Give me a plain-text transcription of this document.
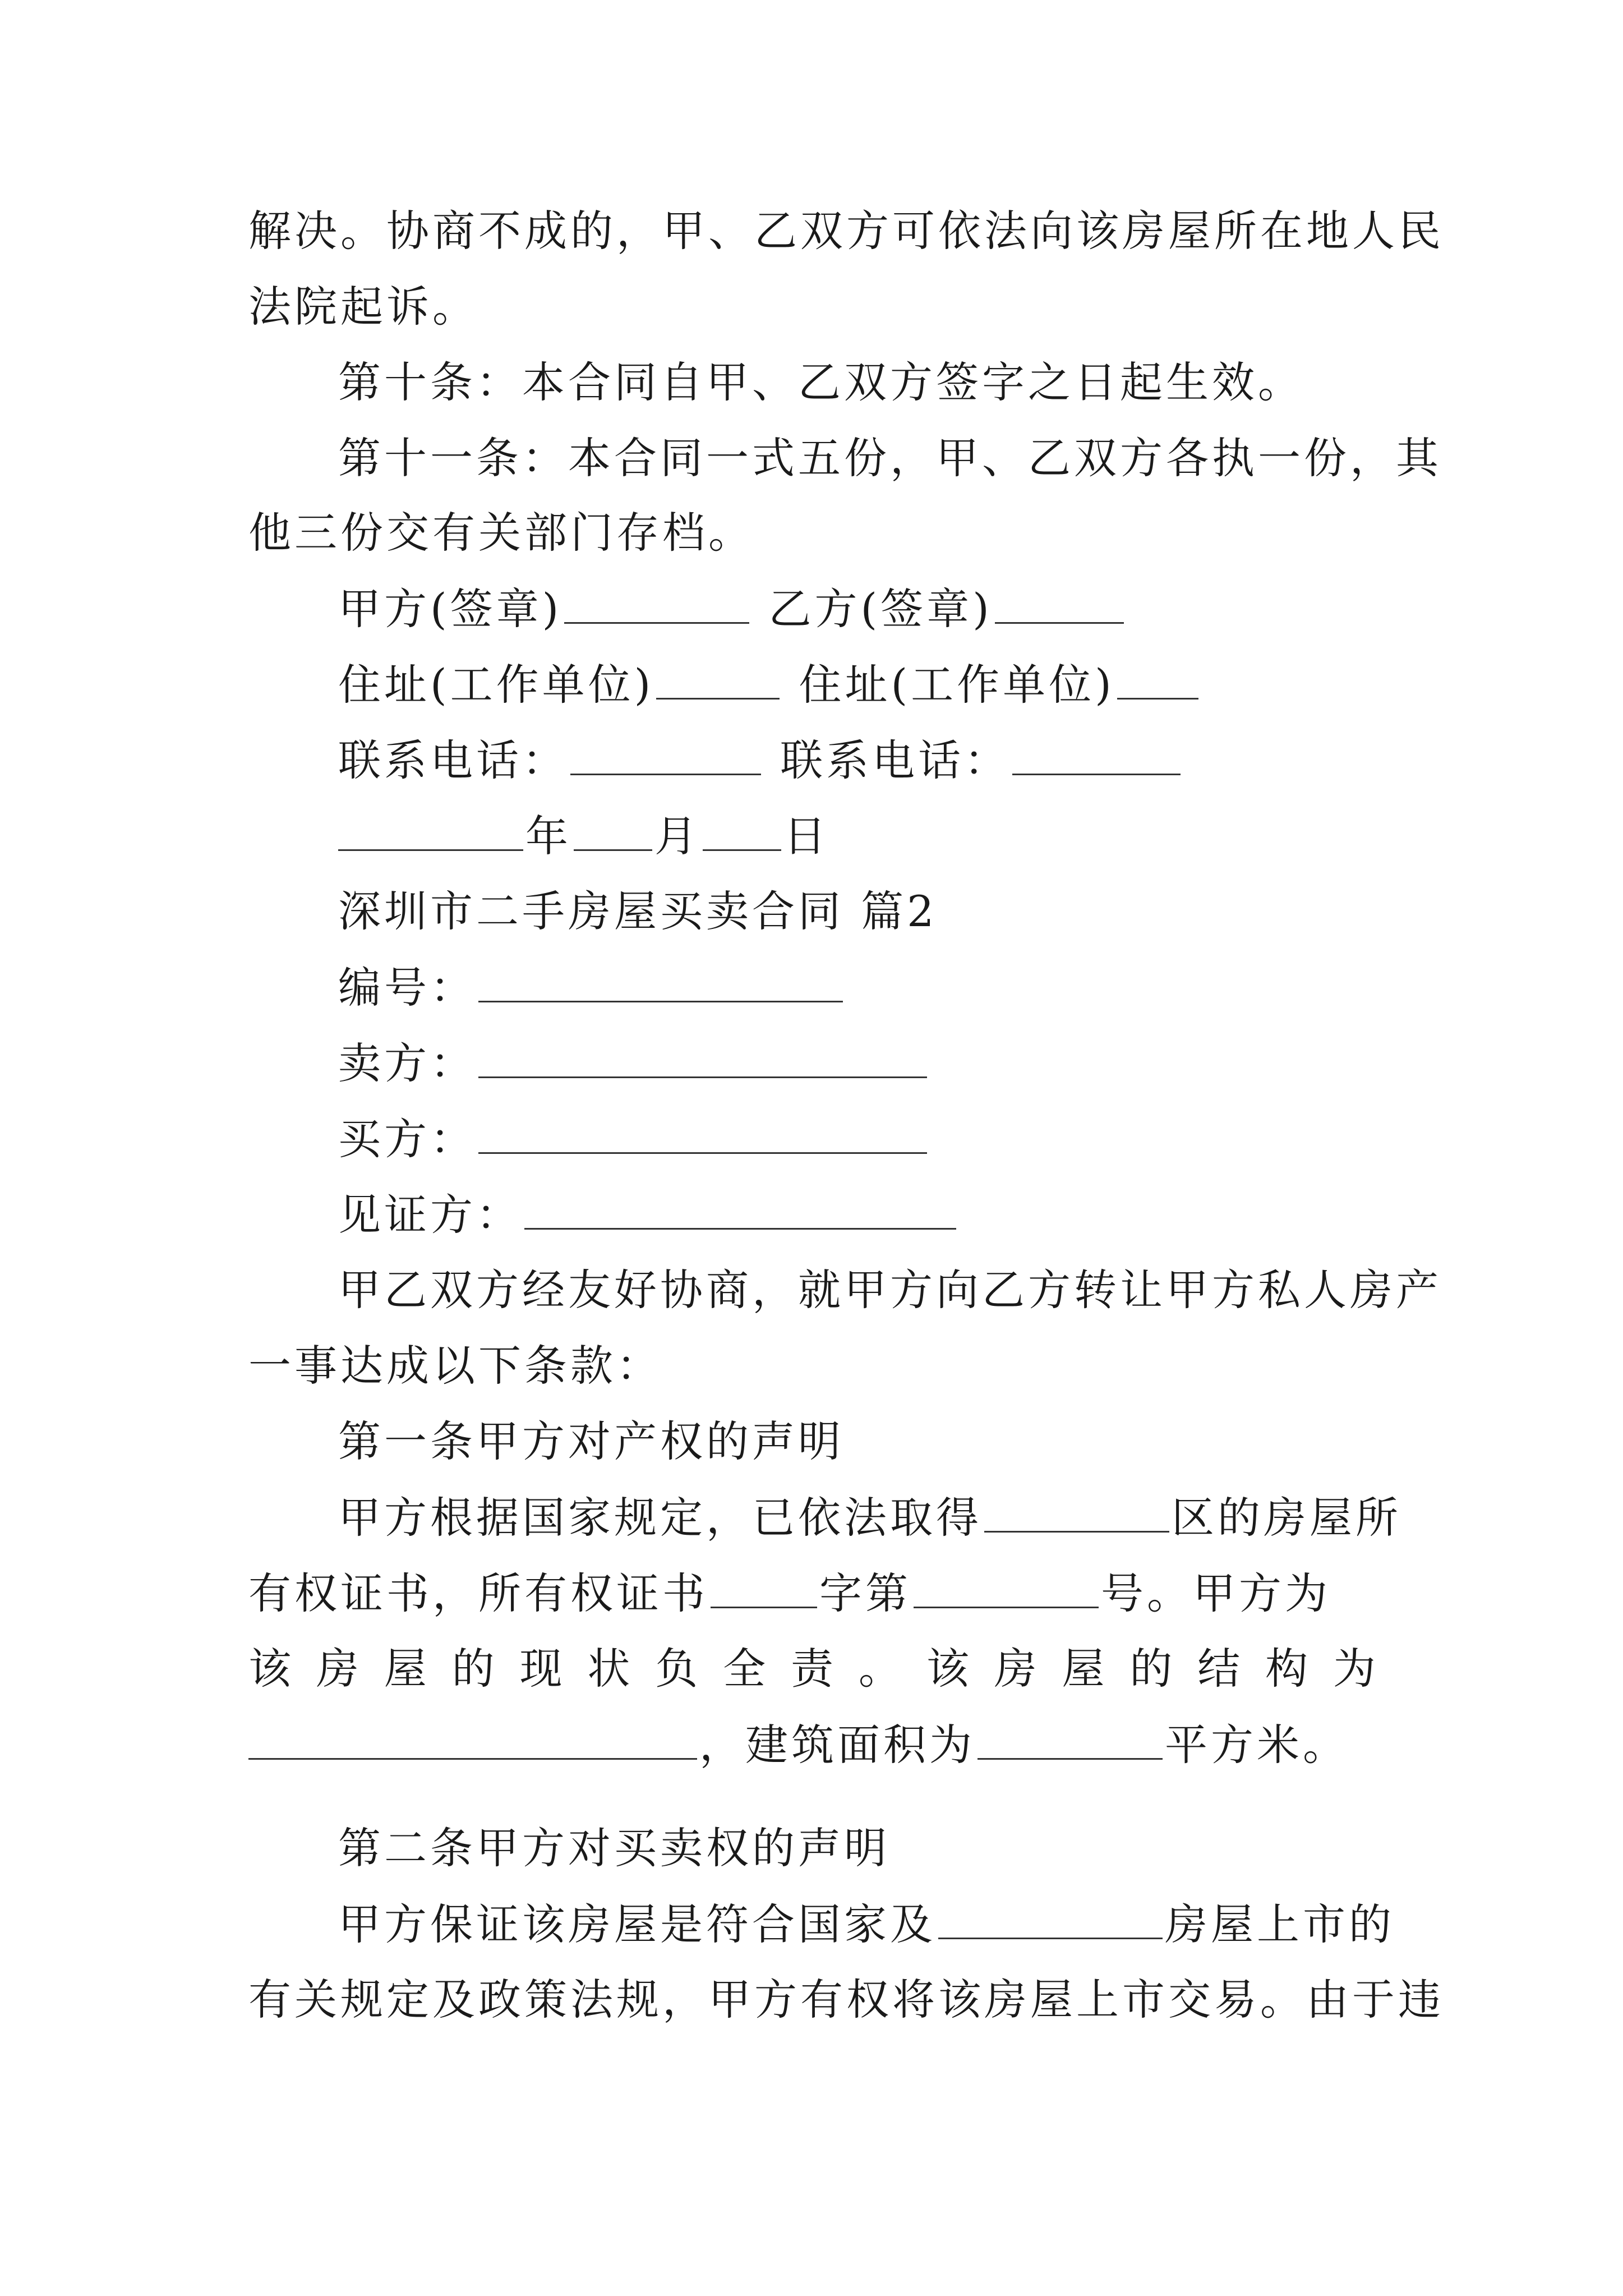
解决。协商不成的，甲、乙双方可依法向该房屋所在地人民
法院起诉。
第十条：本合同自甲、乙双方签字之日起生效。
第十一条：本合同一式五份，甲、乙双方各执一份，其
他三份交有关部门存档。
甲方(签章)	乙方(签章)
住址(工作单位)	住址(工作单位)
联系电话：	联系电话：
年 月 日
深圳市二手房屋买卖合同 篇2
编号：
卖方：
买方：
见证方：
甲乙双方经友好协商，就甲方向乙方转让甲方私人房产
一事达成以下条款：
第一条甲方对产权的声明
甲方根据国家规定，已依法取得	区的房屋所
有权证书，所有权证书	字第	号。甲方为
该 房 屋 的 现 状 负 全 责 。 该 房 屋 的 结 构 为
，建筑面积为	平方米。
第二条甲方对买卖权的声明
甲方保证该房屋是符合国家及	房屋上市的
有关规定及政策法规，甲方有权将该房屋上市交易。由于违
